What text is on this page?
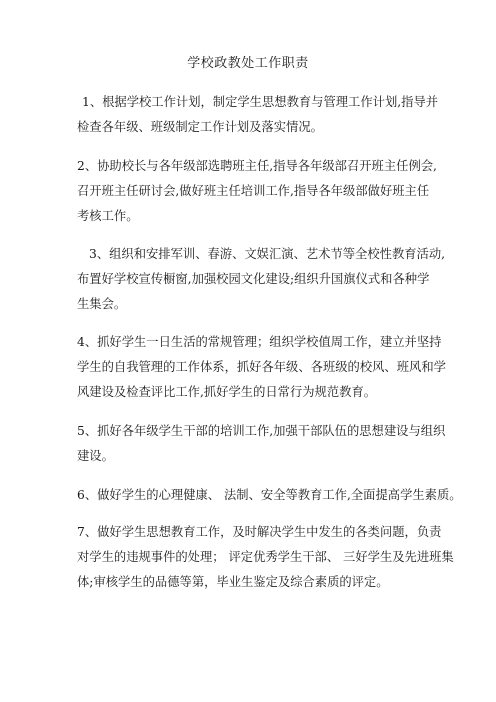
学校政教处工作职责
1、根据学校工作计划，制定学生思想教育与管理工作计划,指导并
检查各年级、班级制定工作计划及落实情况。
2、协助校长与各年级部选聘班主任,指导各年级部召开班主任例会,
召开班主任研讨会,做好班主任培训工作,指导各年级部做好班主任
考核工作。
3、组织和安排军训、春游、文娱汇演、艺术节等全校性教育活动,
布置好学校宣传橱窗,加强校园文化建设;组织升国旗仪式和各种学
生集会。
4、抓好学生一日生活的常规管理；组织学校值周工作，建立并坚持
学生的自我管理的工作体系，抓好各年级、各班级的校风、班风和学
风建设及检查评比工作,抓好学生的日常行为规范教育。
5、抓好各年级学生干部的培训工作,加强干部队伍的思想建设与组织
建设。
6、做好学生的心理健康、 法制、安全等教育工作,全面提高学生素质。
7、做好学生思想教育工作，及时解决学生中发生的各类问题，负责
对学生的违规事件的处理； 评定优秀学生干部、 三好学生及先进班集
体;审核学生的品德等第，毕业生鉴定及综合素质的评定。
